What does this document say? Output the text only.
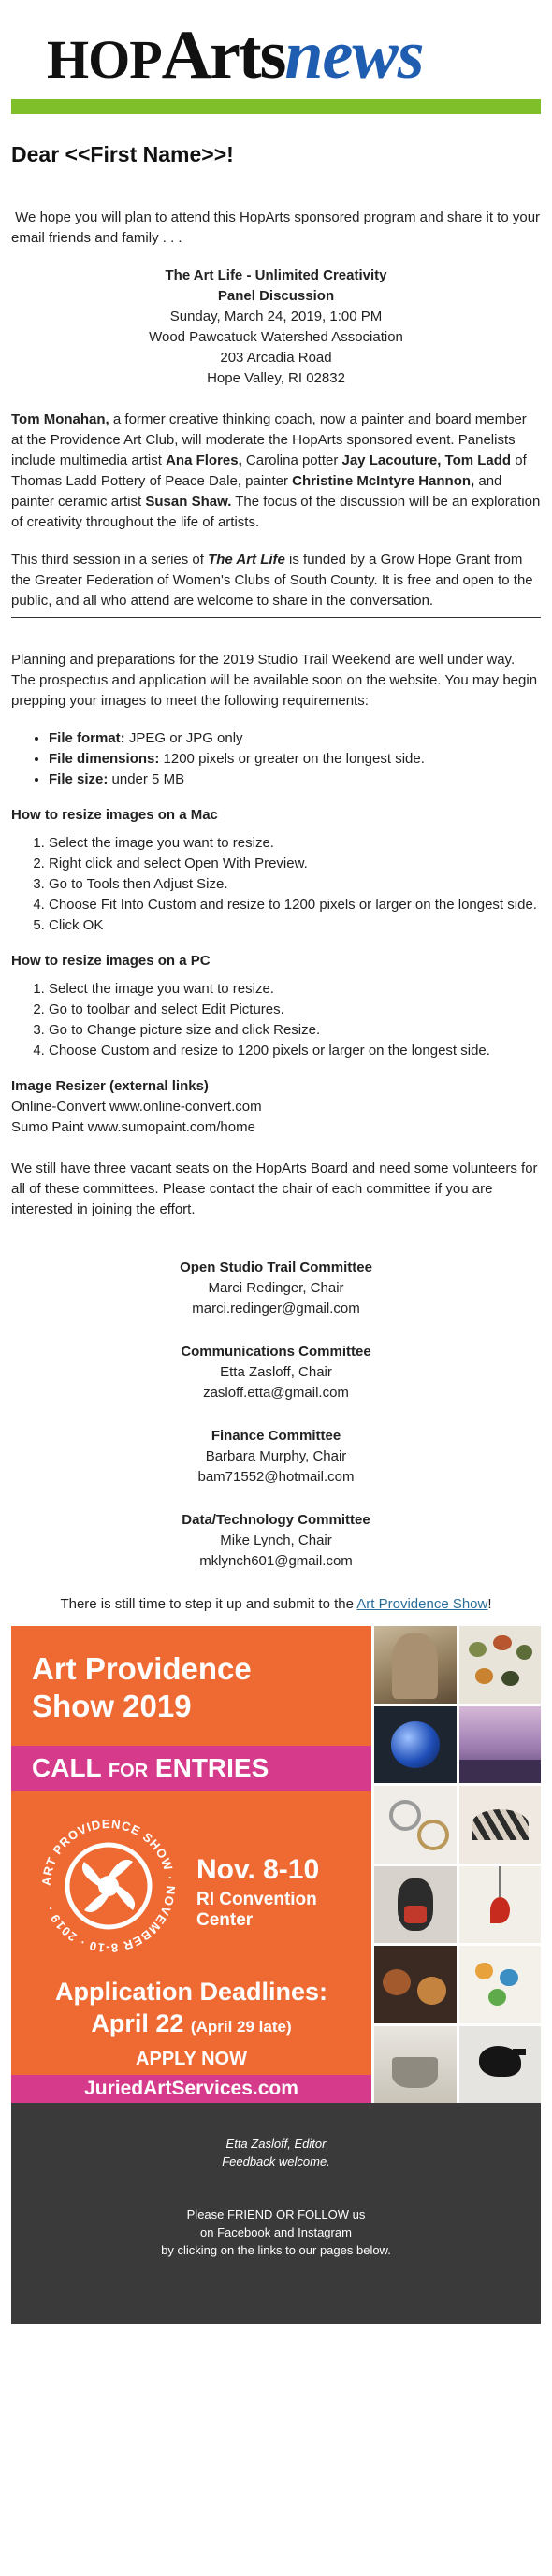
HOPArtsnews
Dear <<First Name>>!

We hope you will plan to attend this HopArts sponsored program and share it to your email friends and family . . .

The Art Life - Unlimited Creativity
Panel Discussion
Sunday, March 24, 2019, 1:00 PM
Wood Pawcatuck Watershed Association
203 Arcadia Road
Hope Valley, RI 02832

Tom Monahan, a former creative thinking coach, now a painter and board member at the Providence Art Club, will moderate the HopArts sponsored event. Panelists include multimedia artist Ana Flores, Carolina potter Jay Lacouture, Tom Ladd of Thomas Ladd Pottery of Peace Dale, painter Christine McIntyre Hannon, and painter ceramic artist Susan Shaw. The focus of the discussion will be an exploration of creativity throughout the life of artists.

This third session in a series of The Art Life is funded by a Grow Hope Grant from the Greater Federation of Women's Clubs of South County. It is free and open to the public, and all who attend are welcome to share in the conversation.

Planning and preparations for the 2019 Studio Trail Weekend are well under way. The prospectus and application will be available soon on the website. You may begin prepping your images to meet the following requirements:

• File format: JPEG or JPG only
• File dimensions: 1200 pixels or greater on the longest side.
• File size: under 5 MB
How to resize images on a Mac
1. Select the image you want to resize.
2. Right click and select Open With Preview.
3. Go to Tools then Adjust Size.
4. Choose Fit Into Custom and resize to 1200 pixels or larger on the longest side.
5. Click OK
How to resize images on a PC
1. Select the image you want to resize.
2. Go to toolbar and select Edit Pictures.
3. Go to Change picture size and click Resize.
4. Choose Custom and resize to 1200 pixels or larger on the longest side.
Image Resizer (external links)
Online-Convert www.online-convert.com
Sumo Paint www.sumopaint.com/home

We still have three vacant seats on the HopArts Board and need some volunteers for all of these committees. Please contact the chair of each committee if you are interested in joining the effort.

Open Studio Trail Committee
Marci Redinger, Chair
marci.redinger@gmail.com
Communications Committee
Etta Zasloff, Chair
zasloff.etta@gmail.com
Finance Committee
Barbara Murphy, Chair
bam71552@hotmail.com
Data/Technology Committee
Mike Lynch, Chair
mklynch601@gmail.com

There is still time to step it up and submit to the Art Providence Show!

Art Providence
Show 2019
CALL FOR ENTRIES
ART PROVIDENCE SHOW · NOVEMBER 8-10 · 2019 ·
Nov. 8-10
RI Convention
Center
Application Deadlines:
April 22 (April 29 late)
APPLY NOW
JuriedArtServices.com
Etta Zasloff, Editor
Feedback welcome.
Please FRIEND OR FOLLOW us
on Facebook and Instagram
by clicking on the links to our pages below.
